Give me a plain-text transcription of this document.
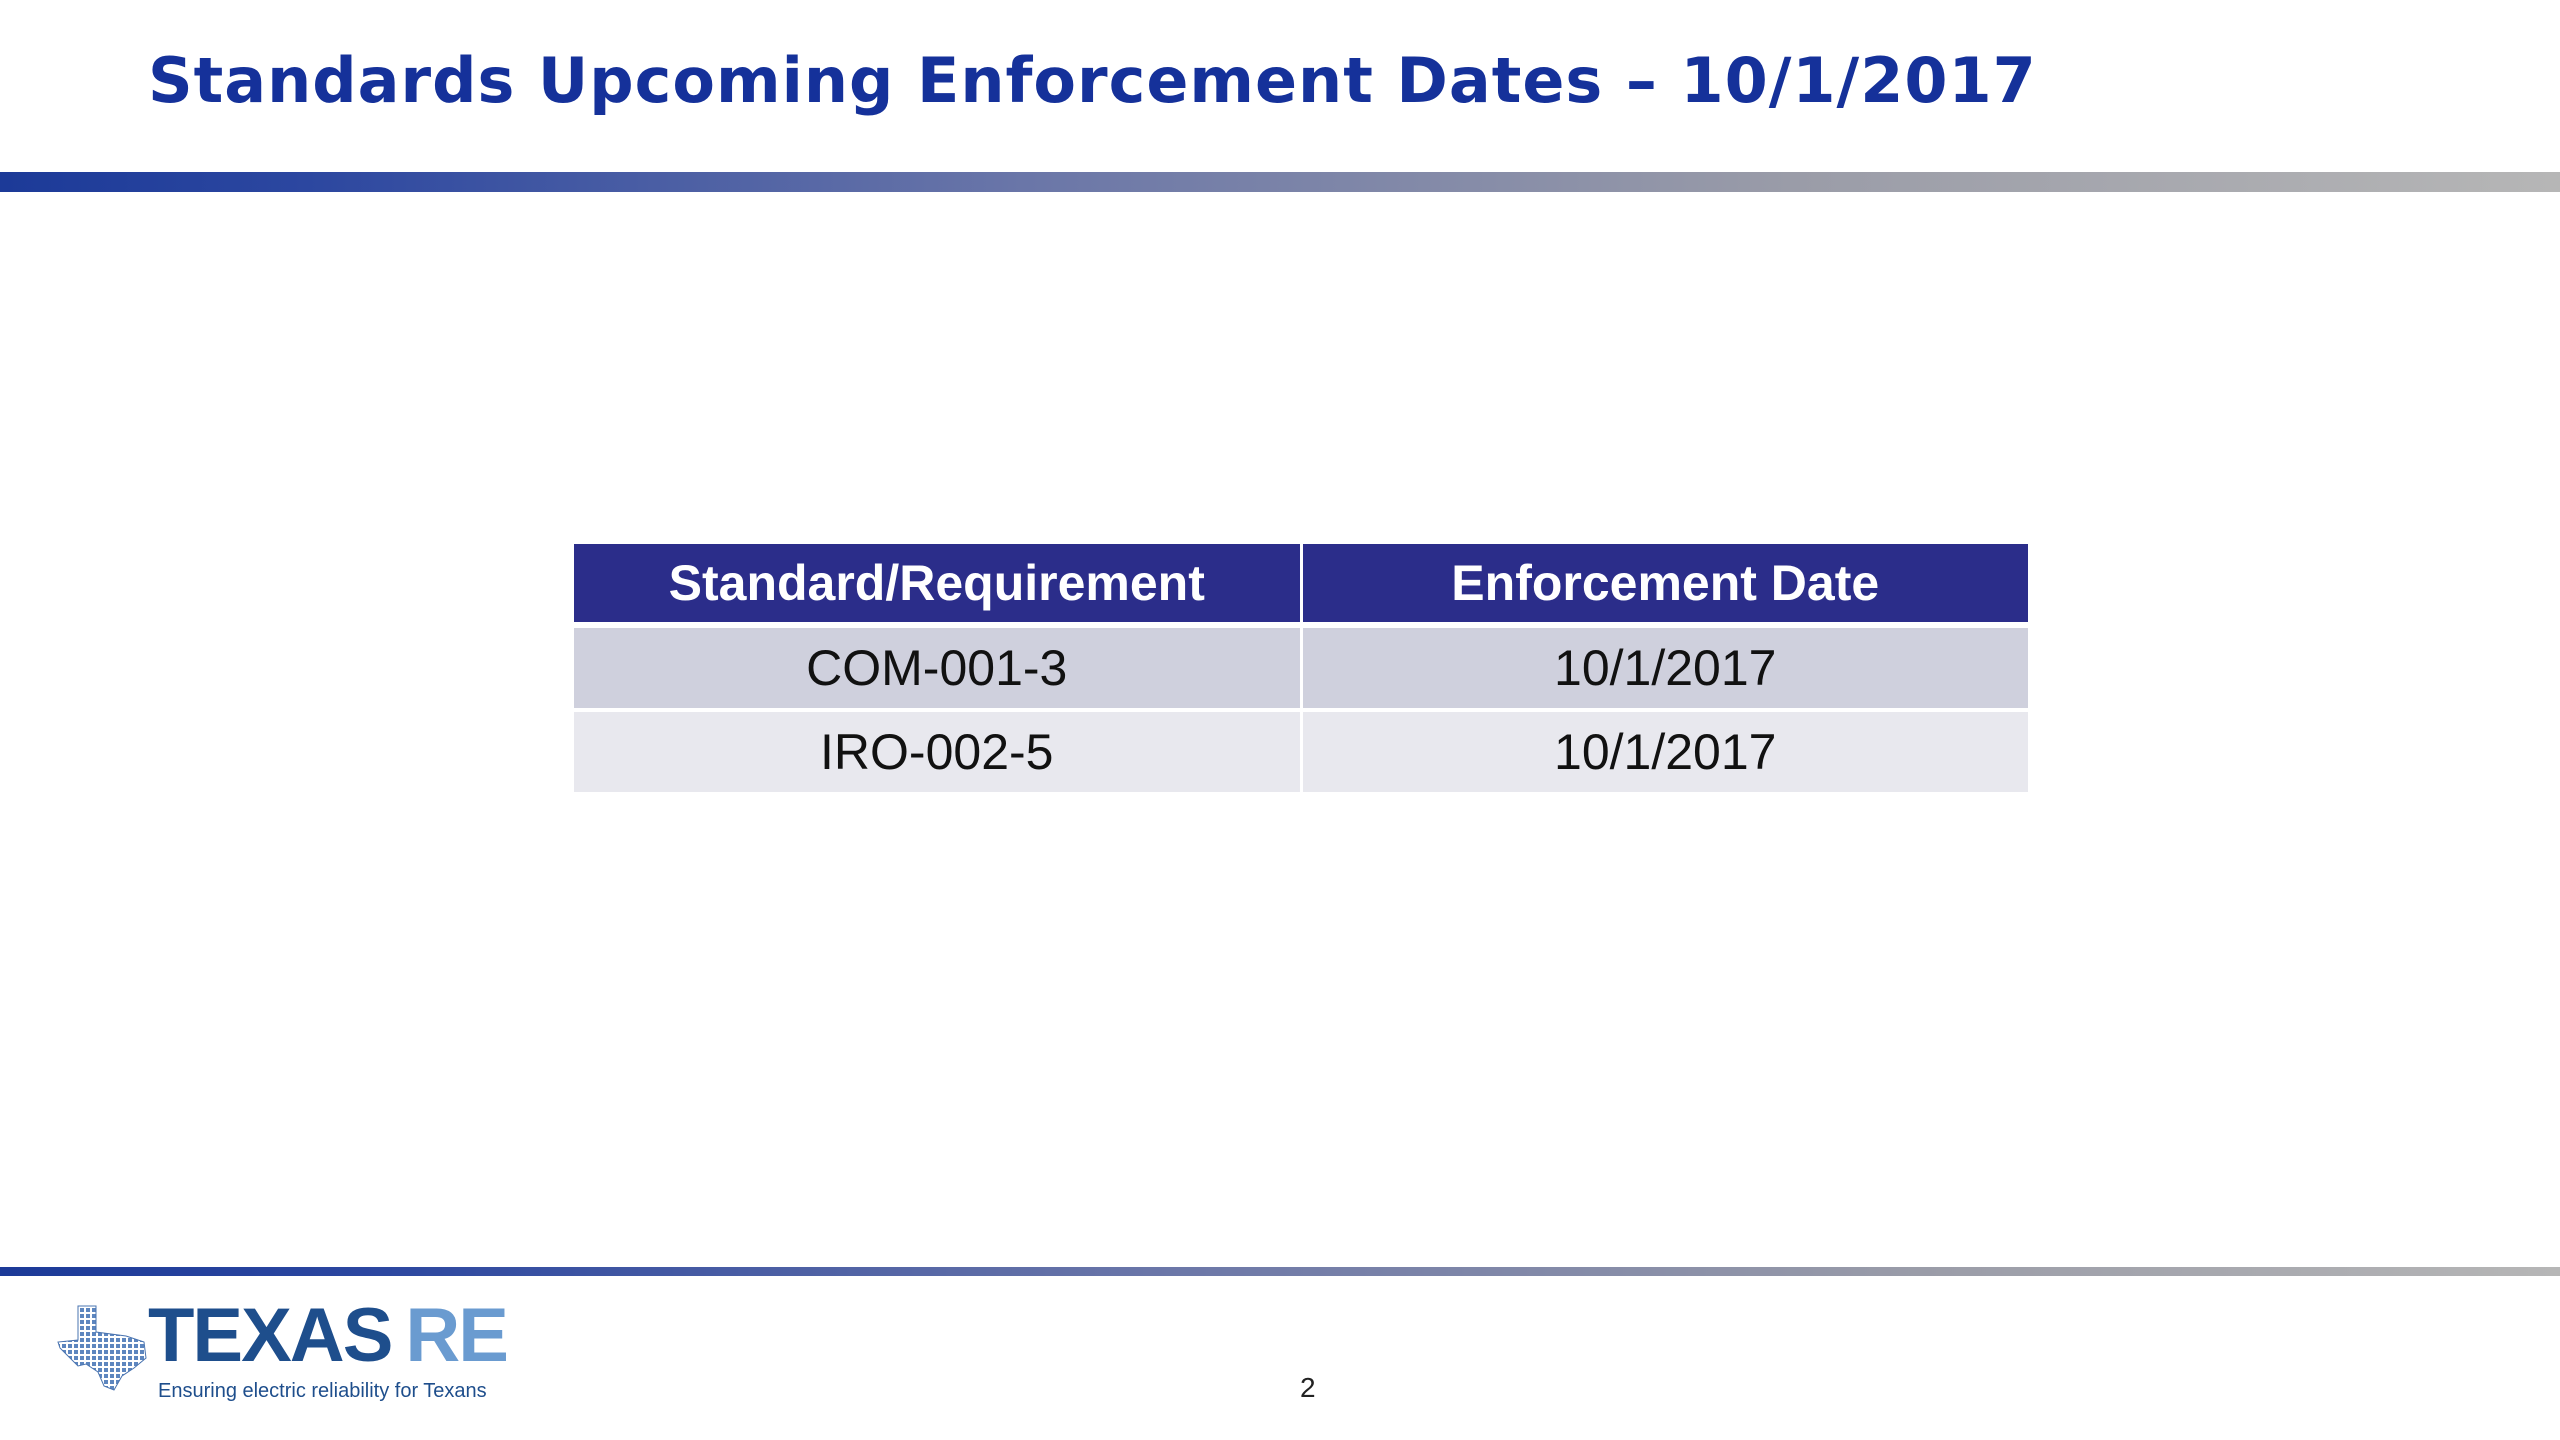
Standards Upcoming Enforcement Dates – 10/1/2017
Standard/Requirement	Enforcement Date
COM-001-3	10/1/2017
IRO-002-5	10/1/2017
TEXAS RE
Ensuring electric reliability for Texans	2
